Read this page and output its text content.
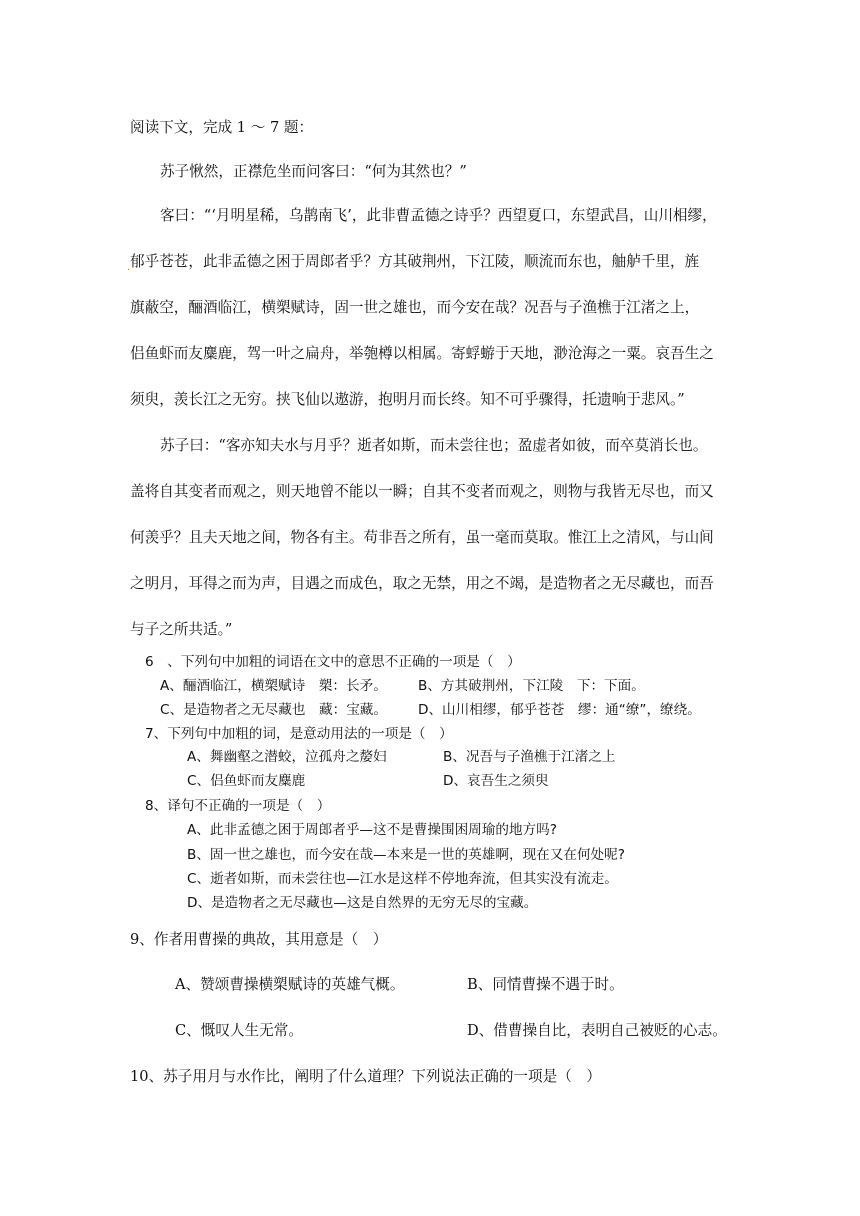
阅读下文，完成 1 ～ 7 题：
苏子愀然，正襟危坐而问客曰：“何为其然也？”
客曰：“‘月明星稀，乌鹊南飞’，此非曹孟德之诗乎？西望夏口，东望武昌，山川相缪，
郁乎苍苍，此非孟德之困于周郎者乎？方其破荆州，下江陵，顺流而东也，舳舻千里，旌
.
旗蔽空，酾酒临江，横槊赋诗，固一世之雄也，而今安在哉？况吾与子渔樵于江渚之上，
侣鱼虾而友麋鹿，驾一叶之扁舟，举匏樽以相属。寄蜉蝣于天地，渺沧海之一粟。哀吾生之
须臾，羡长江之无穷。挟飞仙以遨游，抱明月而长终。知不可乎骤得，托遗响于悲风。”
苏子曰：“客亦知夫水与月乎？逝者如斯，而未尝往也；盈虚者如彼，而卒莫消长也。
盖将自其变者而观之，则天地曾不能以一瞬；自其不变者而观之，则物与我皆无尽也，而又
何羡乎？且夫天地之间，物各有主。苟非吾之所有，虽一毫而莫取。惟江上之清风，与山间
之明月，耳得之而为声，目遇之而成色，取之无禁，用之不竭，是造物者之无尽藏也，而吾
与子之所共适。”
6　、下列句中加粗的词语在文中的意思不正确的一项是（　）
A、酾酒临江，横槊赋诗　槊：长矛。 B、方其破荆州，下江陵　下：下面。
C、是造物者之无尽藏也　藏：宝藏。 D、山川相缪，郁乎苍苍　缪：通“缭”，缭绕。
7、下列句中加粗的词，是意动用法的一项是（　）
A、舞幽壑之潜蛟，泣孤舟之嫠妇	B、况吾与子渔樵于江渚之上
C、侣鱼虾而友麋鹿	D、哀吾生之须臾
8、译句不正确的一项是（　）
A、此非孟德之困于周郎者乎—这不是曹操围困周瑜的地方吗?
B、固一世之雄也，而今安在哉—本来是一世的英雄啊，现在又在何处呢?
C、逝者如斯，而未尝往也—江水是这样不停地奔流，但其实没有流走。
D、是造物者之无尽藏也—这是自然界的无穷无尽的宝藏。
9、作者用曹操的典故，其用意是（　）
A、赞颂曹操横槊赋诗的英雄气概。	B、同情曹操不遇于时。
C、慨叹人生无常。	D、借曹操自比，表明自己被贬的心志。
10、苏子用月与水作比，阐明了什么道理？下列说法正确的一项是（　）
